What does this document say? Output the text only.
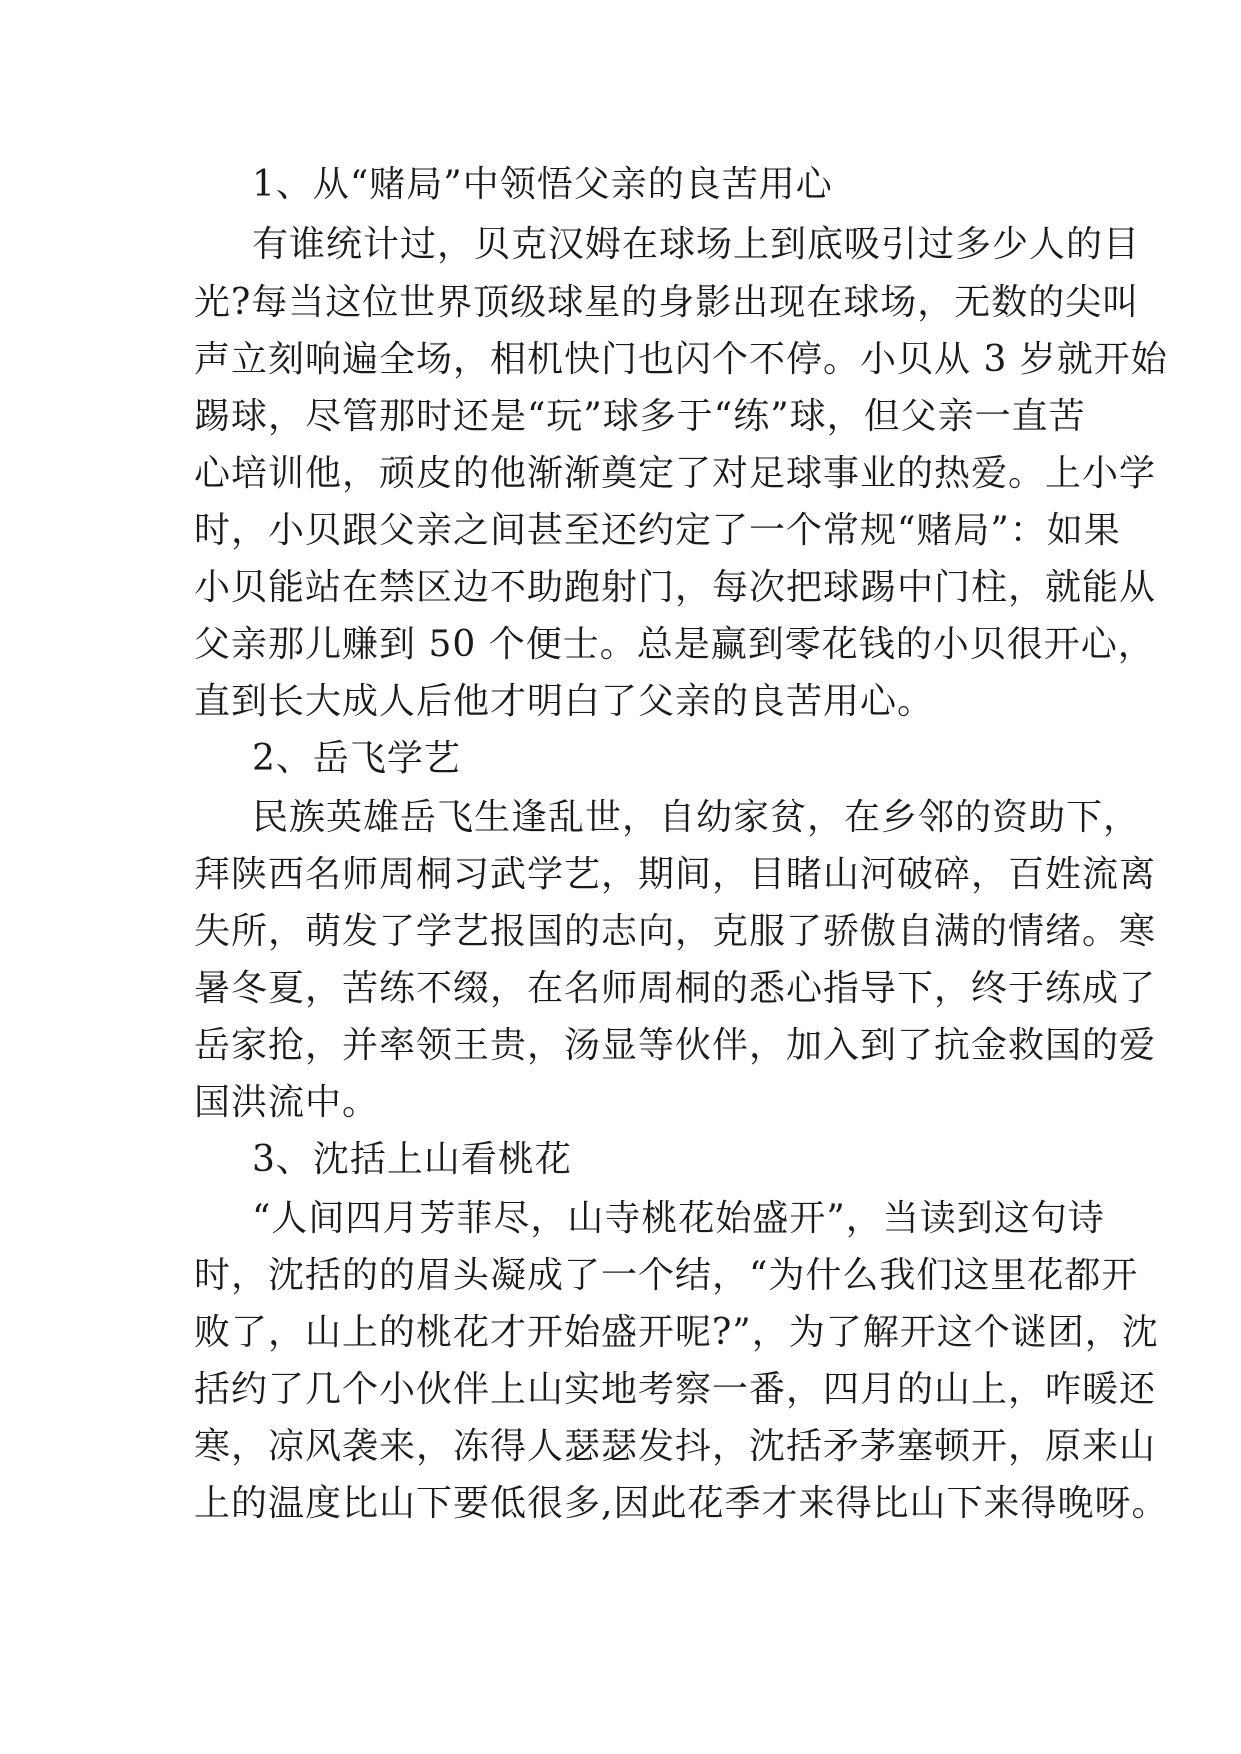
1、从“赌局”中领悟父亲的良苦用心
有谁统计过，贝克汉姆在球场上到底吸引过多少人的目
光?每当这位世界顶级球星的身影出现在球场，无数的尖叫
声立刻响遍全场，相机快门也闪个不停。小贝从 3 岁就开始
踢球，尽管那时还是“玩”球多于“练”球，但父亲一直苦
心培训他，顽皮的他渐渐奠定了对足球事业的热爱。上小学
时，小贝跟父亲之间甚至还约定了一个常规“赌局”：如果
小贝能站在禁区边不助跑射门，每次把球踢中门柱，就能从
父亲那儿赚到 50 个便士。总是赢到零花钱的小贝很开心，
直到长大成人后他才明白了父亲的良苦用心。
2、岳飞学艺
民族英雄岳飞生逢乱世，自幼家贫，在乡邻的资助下，
拜陕西名师周桐习武学艺，期间，目睹山河破碎，百姓流离
失所，萌发了学艺报国的志向，克服了骄傲自满的情绪。寒
暑冬夏，苦练不缀，在名师周桐的悉心指导下，终于练成了
岳家抢，并率领王贵，汤显等伙伴，加入到了抗金救国的爱
国洪流中。
3、沈括上山看桃花
“人间四月芳菲尽，山寺桃花始盛开”，当读到这句诗
时，沈括的的眉头凝成了一个结，“为什么我们这里花都开
败了，山上的桃花才开始盛开呢?”，为了解开这个谜团，沈
括约了几个小伙伴上山实地考察一番，四月的山上，咋暖还
寒，凉风袭来，冻得人瑟瑟发抖，沈括矛茅塞顿开，原来山
上的温度比山下要低很多,因此花季才来得比山下来得晚呀。
